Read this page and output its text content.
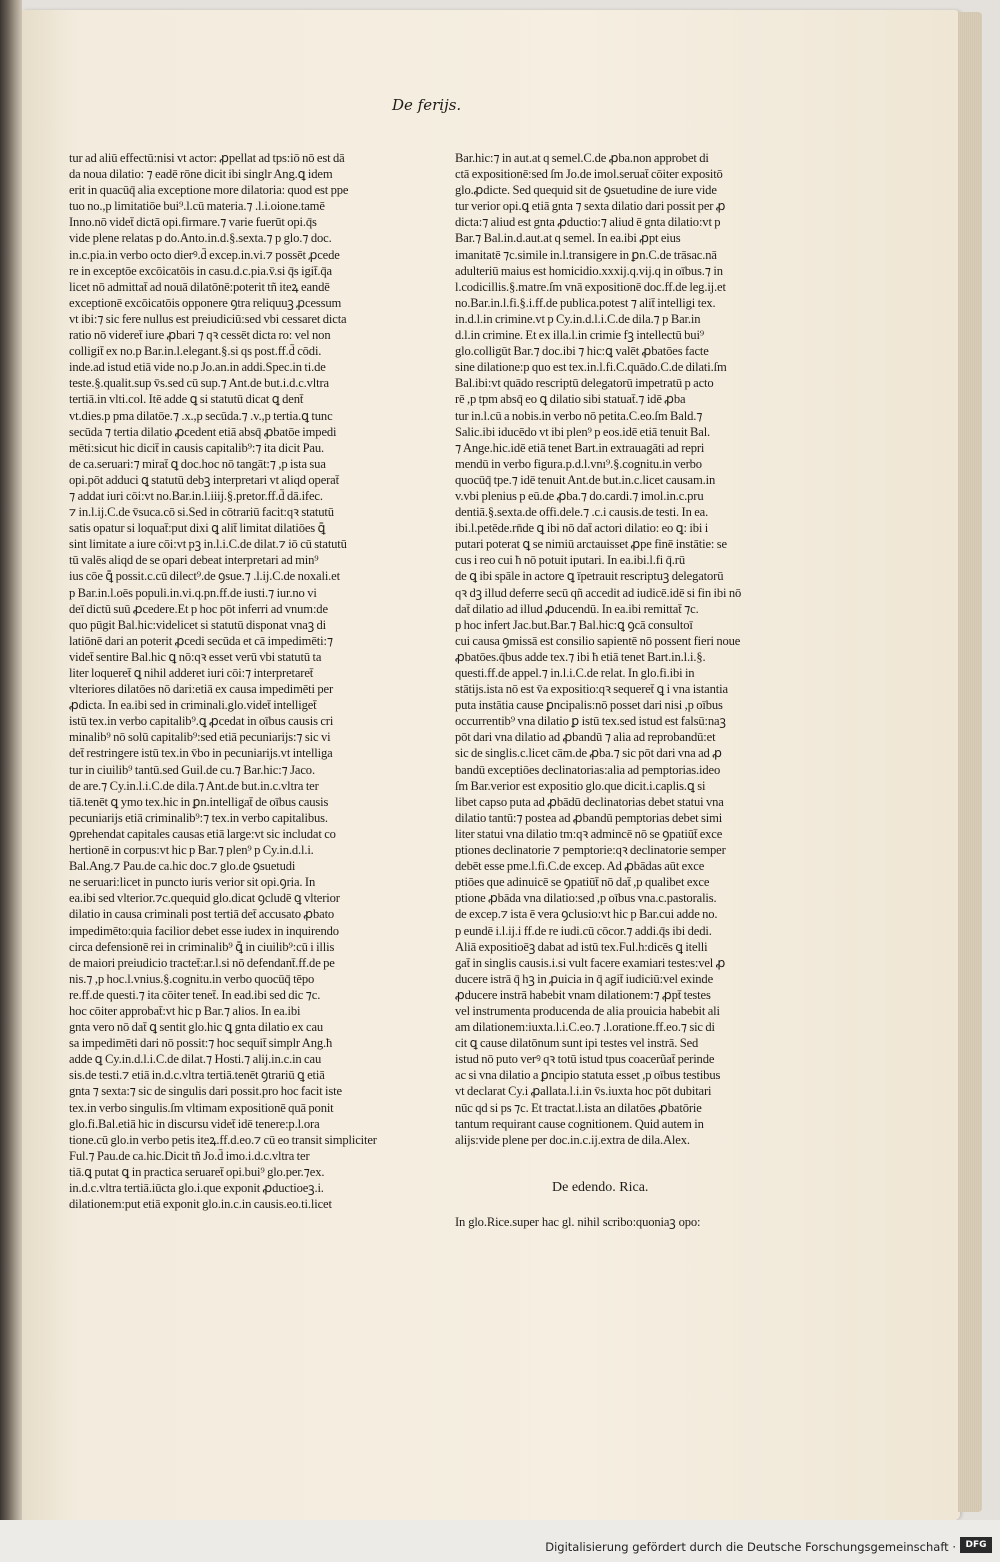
De ferijs.
tur ad aliū effectū:nisi vt actor: ꝓpellat ad tps:iō nō est dā
da noua dilatio: ⁊ eadē rōne dicit ibi singlr Ang.ꝗ idem
erit in quacūq̄ alia exceptione more dilatoria: quod est ppe
tuo no.,p limitatiōe bui⁹.l.cū materia.⁊ .l.i.oione.tamē
Inno.nō videt̄ dictā opi.firmare.⁊ varie fuerūt opi.q̄s
vide plene relatas p do.Anto.in.d.§.sexta.⁊ p glo.⁊ doc.
in.c.pia.in verbo octo dierꝰ.d̄ excep.in.vi.⁊ possēt ꝓcede
re in exceptōe excōicatōis in casu.d.c.pia.v̄.si q̄s igit̄.q̄a
licet nō admittat̄ ad nouā dilatōnē:poterit tñ iteꝝ eandē
exceptionē excōicatōis opponere ꝯtra reliquuꝫ ꝓcessum
vt ibi:⁊ sic fere nullus est preiudiciū:sed vbi cessaret dicta
ratio nō videret̄ iure ꝓbari ⁊ qꝛ cessēt dicta ro: vel non
colligit̄ ex no.p Bar.in.l.elegant.§.si qs post.ff.d̄ cōdi.
inde.ad istud etiā vide no.p Jo.an.in addi.Spec.in ti.de
teste.§.qualit.sup v̄s.sed cū sup.⁊ Ant.de but.i.d.c.vltra
tertiā.in vlti.col. Itē adde ꝗ si statutū dicat ꝗ dent̄
vt.dies.p pma dilatōe.⁊ .x.,p secūda.⁊ .v.,p tertia.ꝗ tunc
secūda ⁊ tertia dilatio ꝓcedent etiā absq̄ ꝓbatōe impedi
mēti:sicut hic dicit̄ in causis capitalib⁹:⁊ ita dicit Pau.
de ca.seruari:⁊ mirat̄ ꝗ doc.hoc nō tangāt:⁊ ,p ista sua
opi.pōt adduci ꝗ statutū debꝫ interpretari vt aliqd operat̄
⁊ addat iuri cōi:vt no.Bar.in.l.iiij.§.pretor.ff.d̄ dā.ifec.
⁊ in.l.ij.C.de v̄suca.cō si.Sed in cōtrariū facit:qꝛ statutū
satis opatur si loquat̄:put dixi ꝗ alit̄ limitat dilatiōes ꝗ̄
sint limitate a iure cōi:vt pꝫ in.l.i.C.de dilat.⁊ iō cū statutū
tū valēs aliqd de se opari debeat interpretari ad min⁹
ius cōe ꝗ̄ possit.c.cū dilect⁹.de ꝯsue.⁊ .l.ij.C.de noxali.et
p Bar.in.l.oēs populi.in.vi.q.pn.ff.de iusti.⁊ iur.no vi
deī dictū suū ꝓcedere.Et p hoc pōt inferri ad vnum:de
quo pūgit Bal.hic:videlicet si statutū disponat vnaꝫ di
latiōnē dari an poterit ꝓcedi secūda et cā impedimēti:⁊
videt̄ sentire Bal.hic ꝗ nō:qꝛ esset verū vbi statutū ta
liter loqueret̄ ꝗ nihil adderet iuri cōi:⁊ interpretaret̄
vlteriores dilatōes nō dari:etiā ex causa impedimēti per
ꝓdicta. In ea.ibi sed in criminali.glo.videt̄ intelliget̄
istū tex.in verbo capitalib⁹.ꝗ ꝓcedat in oībus causis cri
minalib⁹ nō solū capitalib⁹:sed etiā pecuniarijs:⁊ sic vi
det̄ restringere istū tex.in v̄bo in pecuniarijs.vt intelliga
tur in ciuilib⁹ tantū.sed Guil.de cu.⁊ Bar.hic:⁊ Jaco.
de are.⁊ Cy.in.l.i.C.de dila.⁊ Ant.de but.in.c.vltra ter
tiā.tenēt ꝗ ymo tex.hic in ꝑn.intelligat̄ de oībus causis
pecuniarijs etiā criminalib⁹:⁊ tex.in verbo capitalibus.
ꝯprehendat capitales causas etiā large:vt sic includat co
hertionē in corpus:vt hic p Bar.⁊ plen⁹ p Cy.in.d.l.i.
Bal.Ang.⁊ Pau.de ca.hic doc.⁊ glo.de ꝯsuetudi
ne seruari:licet in puncto iuris verior sit opi.ꝯria. In
ea.ibi sed vlterior.⁊c.quequid glo.dicat ꝯcludē ꝗ vlterior
dilatio in causa criminali post tertiā det̄ accusato ꝓbato
impedimēto:quia facilior debet esse iudex in inquirendo
circa defensionē rei in criminalib⁹ ꝗ̄ in ciuilib⁹:cū i illis
de maiori preiudicio tractet̄:ar.l.si nō defendant̄.ff.de pe
nis.⁊ ,p hoc.l.vnius.§.cognitu.in verbo quocūq̄ tēpo
re.ff.de questi.⁊ ita cōiter tenet̄. In ead.ibi sed dic ⁊c.
hoc cōiter approbat̄:vt hic p Bar.⁊ alios. In ea.ibi
gnta vero nō dat̄ ꝗ sentit glo.hic ꝗ gnta dilatio ex cau
sa impedimēti dari nō possit:⁊ hoc sequit̄ simplr Ang.ħ
adde ꝗ Cy.in.d.l.i.C.de dilat.⁊ Hosti.⁊ alij.in.c.in cau
sis.de testi.⁊ etiā in.d.c.vltra tertiā.tenēt ꝯtrariū ꝗ etiā
gnta ⁊ sexta:⁊ sic de singulis dari possit.pro hoc facit iste
tex.in verbo singulis.ſm vltimam expositionē quā ponit
glo.fi.Bal.etiā hic in discursu videt̄ idē tenere:p.l.ora
tione.cū glo.in verbo petis iteꝝ.ff.d.eo.⁊ cū eo transit simpliciter
Ful.⁊ Pau.de ca.hic.Dicit tñ Jo.d̄ imo.i.d.c.vltra ter
tiā.ꝗ putat ꝗ in practica seruaret̄ opi.bui⁹ glo.per.⁊ex.
in.d.c.vltra tertiā.iūcta glo.i.que exponit ꝓductioeꝫ.i.
dilationem:put etiā exponit glo.in.c.in causis.eo.ti.licet
Bar.hic:⁊ in aut.at q semel.C.de ꝓba.non approbet di
ctā expositionē:sed ſm Jo.de imol.seruat̄ cōiter expositō
glo.ꝓdicte. Sed quequid sit de ꝯsuetudine de iure vide
tur verior opi.ꝗ etiā gnta ⁊ sexta dilatio dari possit per ꝓ
dicta:⁊ aliud est gnta ꝓductio:⁊ aliud ē gnta dilatio:vt p
Bar.⁊ Bal.in.d.aut.at q semel. In ea.ibi ꝓpt eius
imanitatē ⁊c.simile in.l.transigere in ꝑn.C.de trāsac.nā
adulteriū maius est homicidio.xxxij.q.vij.q in oībus.⁊ in
l.codicillis.§.matre.ſm vnā expositionē doc.ff.de leg.ij.et
no.Bar.in.l.fi.§.i.ff.de publica.potest ⁊ alit̄ intelligi tex.
in.d.l.in crimine.vt p Cy.in.d.l.i.C.de dila.⁊ p Bar.in
d.l.in crimine. Et ex illa.l.in crimie fꝫ intellectū bui⁹
glo.colligūt Bar.⁊ doc.ibi ⁊ hic:ꝗ valēt ꝓbatōes facte
sine dilatione:p quo est tex.in.l.fi.C.quādo.C.de dilati.ſm
Bal.ibi:vt quādo rescriptū delegatorū impetratū p acto
rē ,p tpm absq̄ eo ꝗ dilatio sibi statuat̄.⁊ idē ꝓba
tur in.l.cū a nobis.in verbo nō petita.C.eo.ſm Bald.⁊
Salic.ibi iducēdo vt ibi plen⁹ p eos.idē etiā tenuit Bal.
⁊ Ange.hic.idē etiā tenet Bart.in extrauagāti ad repri
mendū in verbo figura.p.d.l.vnı⁹.§.cognitu.in verbo
quocūq̄ tpe.⁊ idē tenuit Ant.de but.in.c.licet causam.in
v.vbi plenius p eū.de ꝓba.⁊ do.cardi.⁊ imol.in.c.pru
dentiā.§.sexta.de offi.dele.⁊ .c.i causis.de testi. In ea.
ibi.l.petēde.rn̄de ꝗ ibi nō dat̄ actori dilatio: eo ꝗ: ibi i
putari poterat ꝗ se nimiū arctauisset ꝓpe finē instātie: se
cus i reo cui ħ nō potuit iputari. In ea.ibi.l.fi q̄.rū
de ꝗ ibi spāle in actore ꝗ īpetrauit rescriptuꝫ delegatorū
qꝛ dꝫ illud deferre secū qñ accedit ad iudicē.idē si fin ibi nō
dat̄ dilatio ad illud ꝓducendū. In ea.ibi remittat̄ ⁊c.
p hoc infert Jac.but.Bar.⁊ Bal.hic:ꝗ ꝯcā consultoī
cui causa ꝯmissā est consilio sapientē nō possent fieri noue
ꝓbatōes.q̄bus adde tex.⁊ ibi ħ etiā tenet Bart.in.l.i.§.
questi.ff.de appel.⁊ in.l.i.C.de relat. In glo.fi.ibi in
stātijs.ista nō est v̄a expositio:qꝛ sequeret̄ ꝗ i vna istantia
puta instātia cause ꝑncipalis:nō posset dari nisi ,p oībus
occurrentib⁹ vna dilatio ꝑ istū tex.sed istud est falsū:naꝫ
pōt dari vna dilatio ad ꝓbandū ⁊ alia ad reprobandū:et
sic de singlis.c.licet cām.de ꝓba.⁊ sic pōt dari vna ad ꝓ
bandū exceptiōes declinatorias:alia ad pemptorias.ideo
ſm Bar.verior est expositio glo.que dicit.i.caplis.ꝗ si
libet capso puta ad ꝓbādū declinatorias debet statui vna
dilatio tantū:⁊ postea ad ꝓbandū pemptorias debet simi
liter statui vna dilatio tm:qꝛ admincē nō se ꝯpatiūt̄ exce
ptiones declinatorie ⁊ pemptorie:qꝛ declinatorie semper
debēt esse pme.l.fi.C.de excep. Ad ꝓbādas aūt exce
ptiōes que adinuicē se ꝯpatiūt̄ nō dat̄ ,p qualibet exce
ptione ꝓbāda vna dilatio:sed ,p oībus vna.c.pastoralis.
de excep.⁊ ista ē vera ꝯclusio:vt hic p Bar.cui adde no.
p eundē i.l.ij.i ff.de re iudi.cū cōcor.⁊ addi.q̄s ibi dedi.
Aliā expositioēꝫ dabat ad istū tex.Ful.h:dicēs ꝗ itelli
gat̄ in singlis causis.i.si vult facere examiari testes:vel ꝓ
ducere istrā q̄ hꝫ in ꝓuicia in q̄ agit̄ iudiciū:vel exinde
ꝓducere instrā habebit vnam dilationem:⁊ ꝓpt̄ testes
vel instrumenta producenda de alia prouicia habebit ali
am dilationem:iuxta.l.i.C.eo.⁊ .l.oratione.ff.eo.⁊ sic di
cit ꝗ cause dilatōnum sunt ipi testes vel instrā. Sed
istud nō puto verꝰ qꝛ totū istud tpus coacerũat̄ perinde
ac si vna dilatio a ꝑncipio statuta esset ,p oībus testibus
vt declarat Cy.i ꝓallata.l.i.in v̄s.iuxta hoc pōt dubitari
nūc qd si ps ⁊c. Et tractat.l.ista an dilatōes ꝓbatōrie
tantum requirant cause cognitionem. Quid autem in
alijs:vide plene per doc.in.c.ij.extra de dila.Alex.
De edendo. Rica.
In glo.Rice.super hac gl. nihil scribo:quoniaꝫ opo:
Digitalisierung gefördert durch die Deutsche Forschungsgemeinschaft ·	DFG
